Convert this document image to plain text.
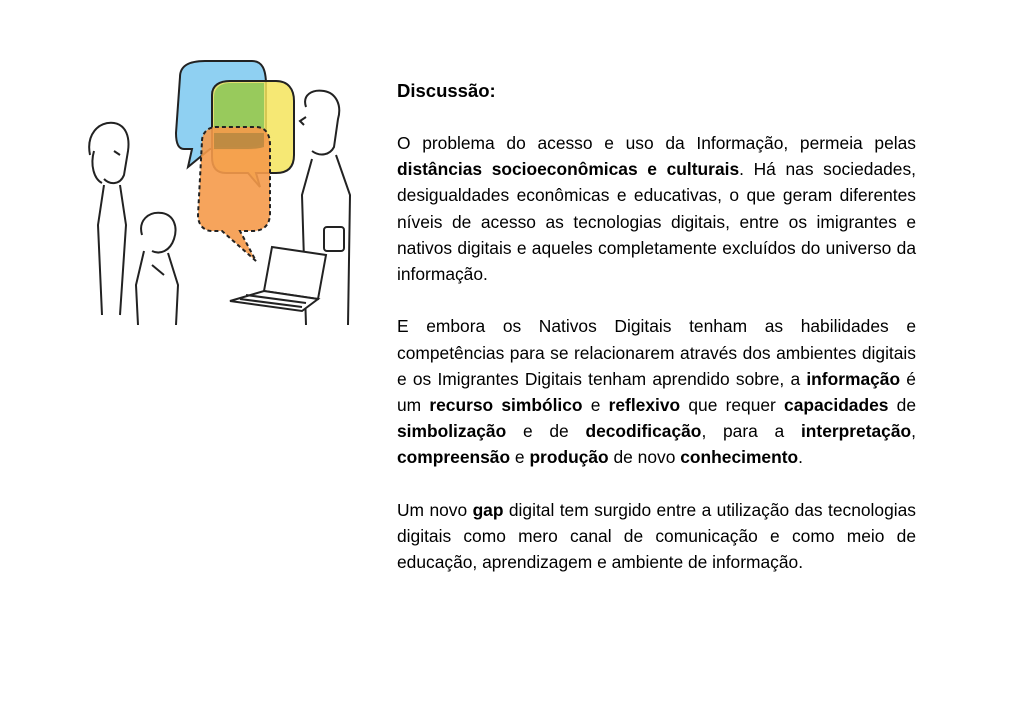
Discussão:

O problema do acesso e uso da Informação, permeia pelas distâncias socioeconômicas e culturais. Há nas sociedades, desigualdades econômicas e educativas, o que geram diferentes níveis de acesso as tecnologias digitais, entre os imigrantes e nativos digitais e aqueles completamente excluídos do universo da informação.

E embora os Nativos Digitais tenham as habilidades e competências para se relacionarem através dos ambientes digitais e os Imigrantes Digitais tenham aprendido sobre, a informação é um recurso simbólico e reflexivo que requer capacidades de simbolização e de decodificação, para a interpretação, compreensão e produção de novo conhecimento.

Um novo gap digital tem surgido entre a utilização das tecnologias digitais como mero canal de comunicação e como meio de educação, aprendizagem e ambiente de informação.
